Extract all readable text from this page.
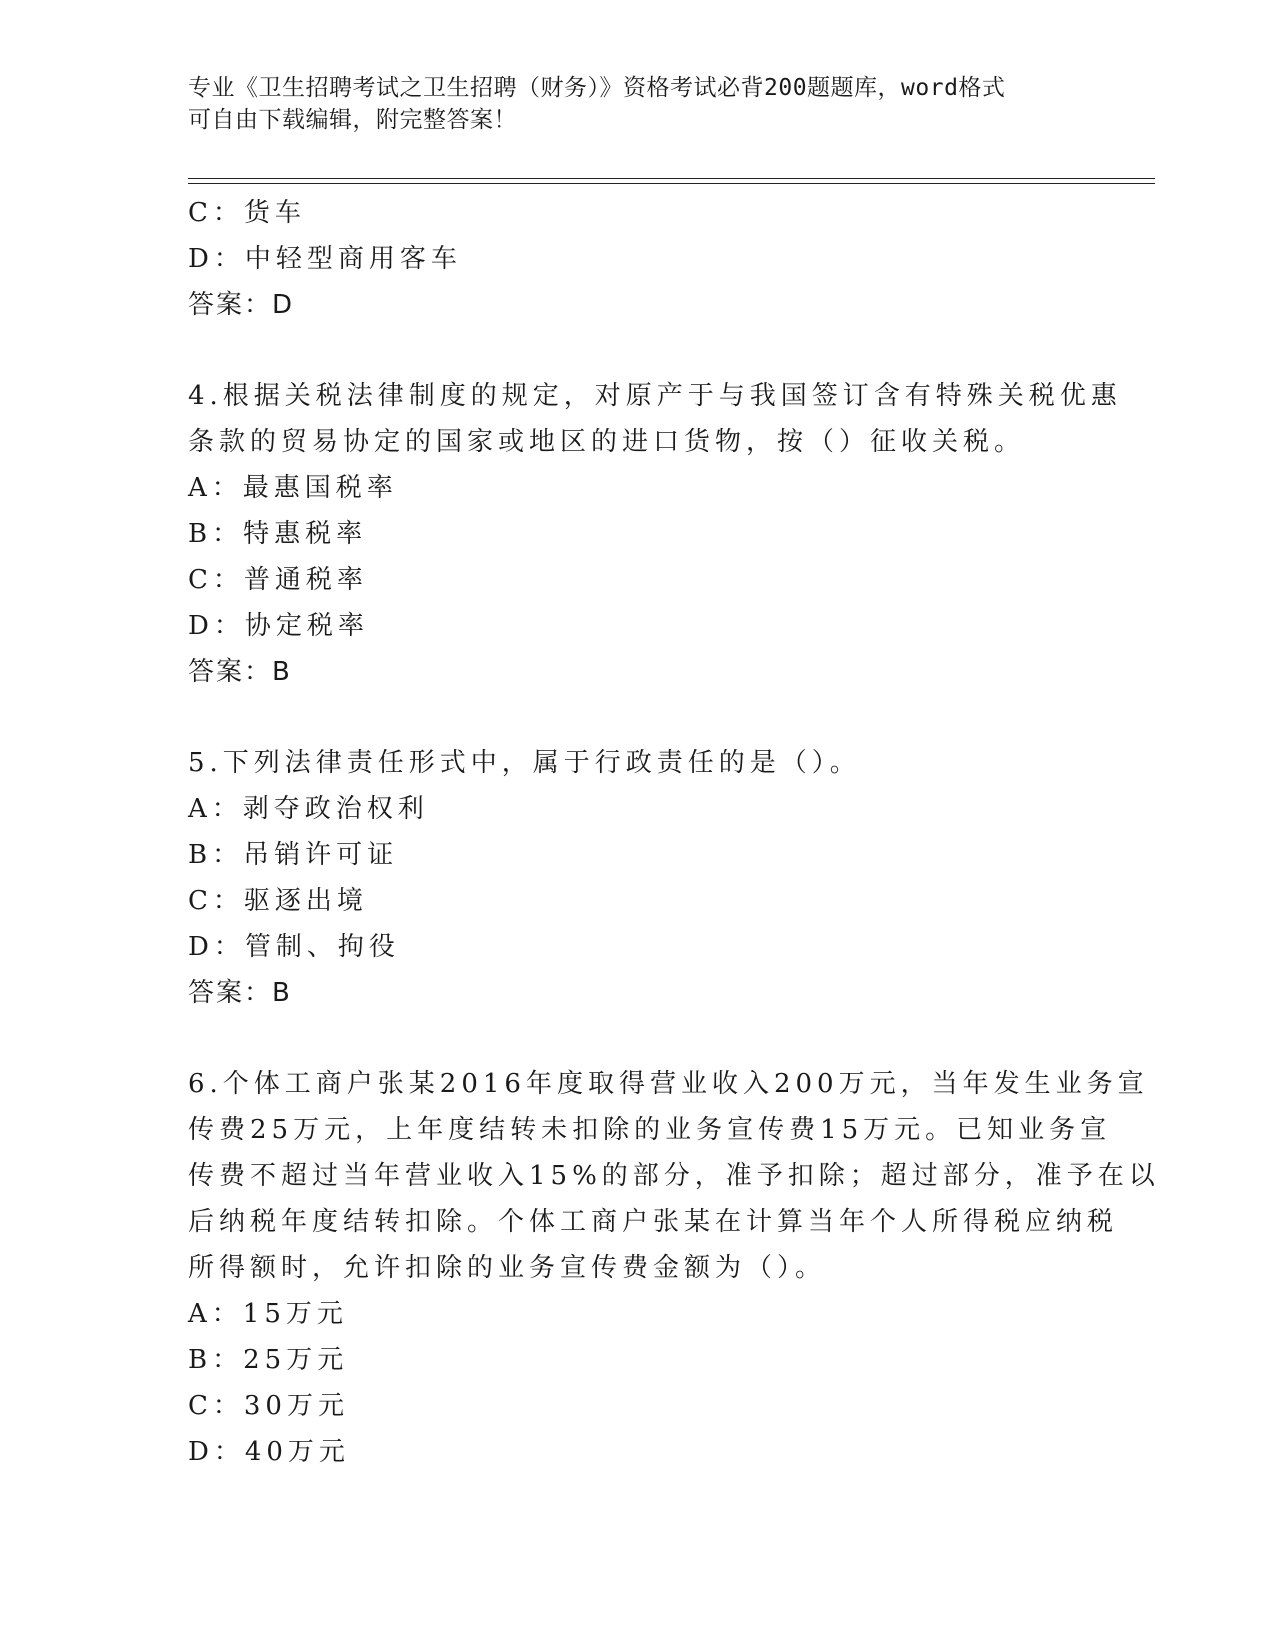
专业《卫生招聘考试之卫生招聘（财务）》资格考试必背200题题库，word格式
可自由下载编辑，附完整答案！
C：货车
D：中轻型商用客车
答案：D
4.根据关税法律制度的规定，对原产于与我国签订含有特殊关税优惠
条款的贸易协定的国家或地区的进口货物，按（）征收关税。
A：最惠国税率
B：特惠税率
C：普通税率
D：协定税率
答案：B
5.下列法律责任形式中，属于行政责任的是（）。
A：剥夺政治权利
B：吊销许可证
C：驱逐出境
D：管制、拘役
答案：B
6.个体工商户张某2016年度取得营业收入200万元，当年发生业务宣
传费25万元，上年度结转未扣除的业务宣传费15万元。已知业务宣
传费不超过当年营业收入15%的部分，准予扣除；超过部分，准予在以
后纳税年度结转扣除。个体工商户张某在计算当年个人所得税应纳税
所得额时，允许扣除的业务宣传费金额为（）。
A：15万元
B：25万元
C：30万元
D：40万元
